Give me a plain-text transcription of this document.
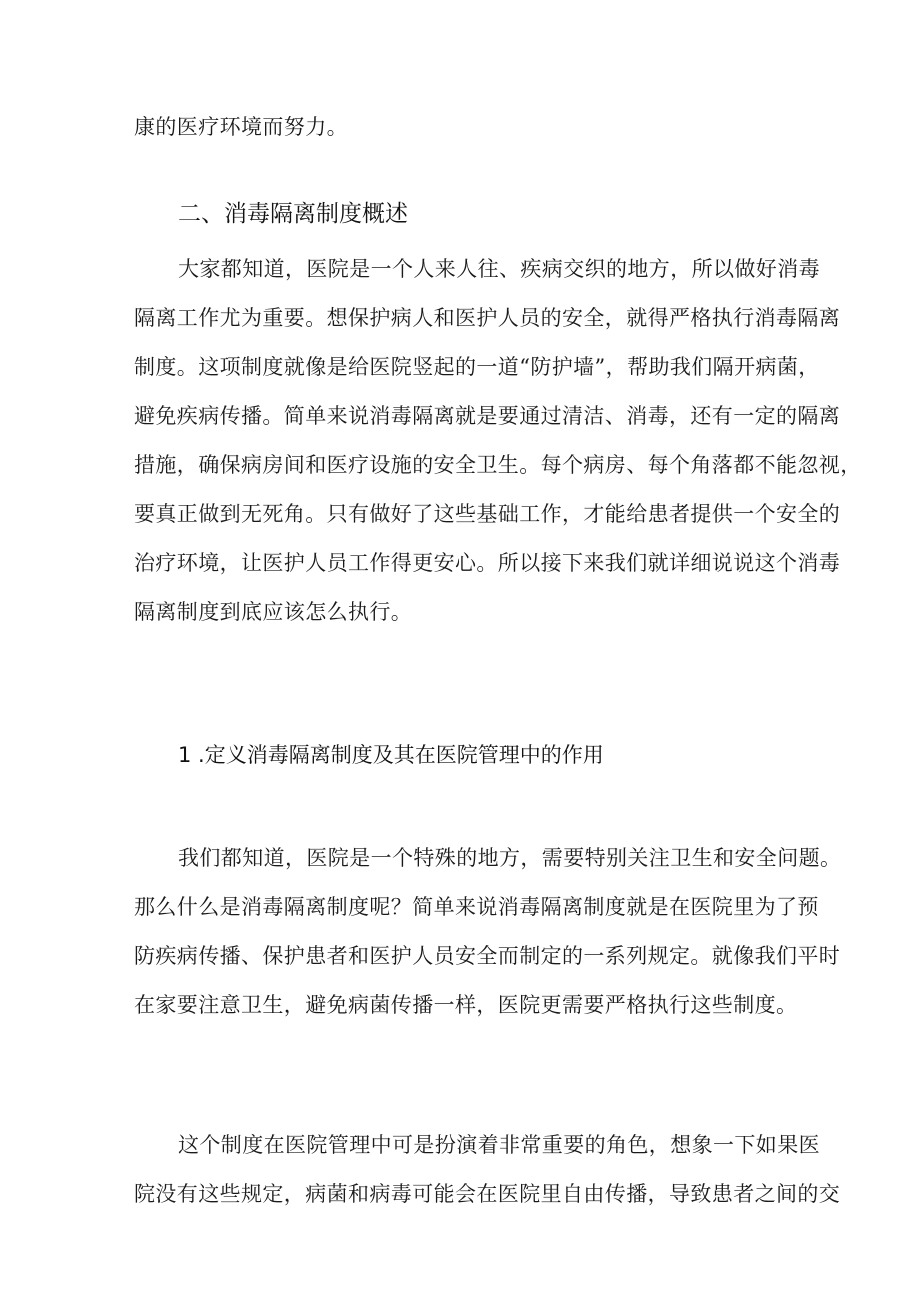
康的医疗环境而努力。
二、消毒隔离制度概述
大家都知道，医院是一个人来人往、疾病交织的地方，所以做好消毒
隔离工作尤为重要。想保护病人和医护人员的安全，就得严格执行消毒隔离
制度。这项制度就像是给医院竖起的一道“防护墙”，帮助我们隔开病菌，
避免疾病传播。简单来说消毒隔离就是要通过清洁、消毒，还有一定的隔离
措施，确保病房间和医疗设施的安全卫生。每个病房、每个角落都不能忽视，
要真正做到无死角。只有做好了这些基础工作，才能给患者提供一个安全的
治疗环境，让医护人员工作得更安心。所以接下来我们就详细说说这个消毒
隔离制度到底应该怎么执行。
1 .定义消毒隔离制度及其在医院管理中的作用
我们都知道，医院是一个特殊的地方，需要特别关注卫生和安全问题。
那么什么是消毒隔离制度呢？简单来说消毒隔离制度就是在医院里为了预
防疾病传播、保护患者和医护人员安全而制定的一系列规定。就像我们平时
在家要注意卫生，避免病菌传播一样，医院更需要严格执行这些制度。
这个制度在医院管理中可是扮演着非常重要的角色，想象一下如果医
院没有这些规定，病菌和病毒可能会在医院里自由传播，导致患者之间的交
